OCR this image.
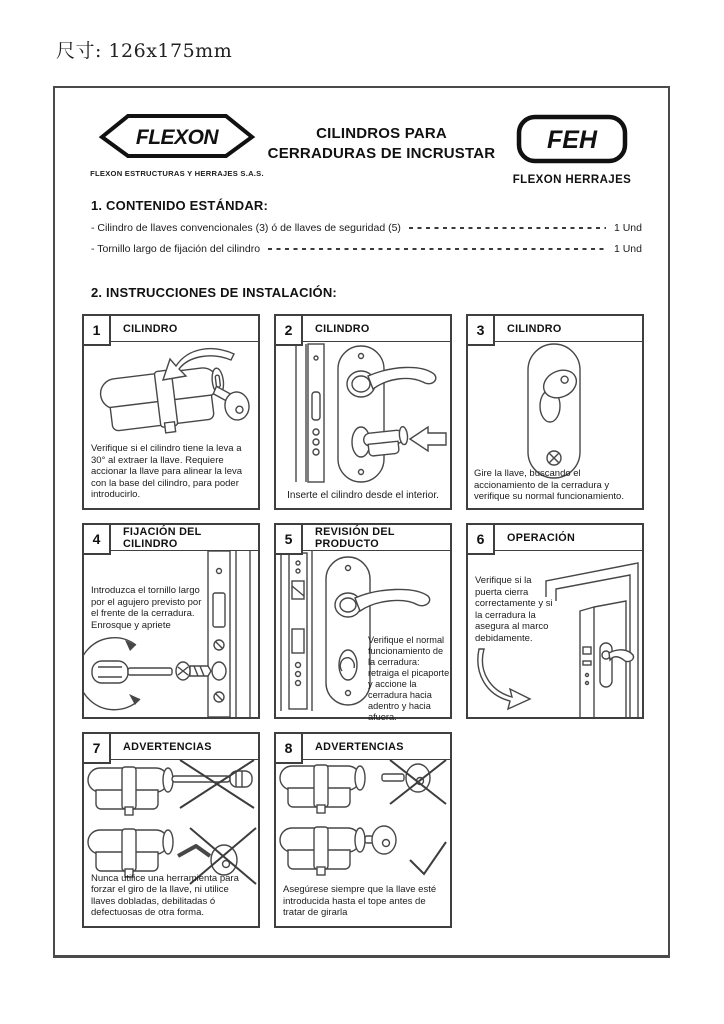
尺寸: 126x175mm
FLEXON
FLEXON ESTRUCTURAS Y HERRAJES S.A.S.
CILINDROS PARA
CERRADURAS DE INCRUSTAR FEH
FLEXON HERRAJES
1. CONTENIDO ESTÁNDAR:
- Cilindro de llaves convencionales (3) ó de llaves de seguridad (5)	1 Und
- Tornillo largo de fijación del cilindro	1 Und
2. INSTRUCCIONES DE INSTALACIÓN:
1	CILINDRO
Verifique si el cilindro tiene la leva a 30° al extraer la llave. Requiere accionar la llave para alinear la leva con la base del cilindro, para poder introducirlo.
2	CILINDRO
Inserte el cilindro desde el interior.
3	CILINDRO
Gire la llave, buscando el accionamiento de la cerradura y verifique su normal funcionamiento.
4	FIJACIÓN DEL CILINDRO
Introduzca el tornillo largo por el agujero previsto por el frente de la cerradura. Enrosque y apriete
5	REVISIÓN DEL PRODUCTO
Verifique el normal funcionamiento de la cerradura: retraiga el picaporte y accione la cerradura hacia adentro y hacia afuera.
6	OPERACIÓN
Verifique si la puerta cierra correctamente y si la cerradura la asegura al marco debidamente.
7	ADVERTENCIAS
Nunca utilice una herramienta para forzar el giro de la llave, ni utilice llaves dobladas, debilitadas ó defectuosas de otra forma.
8	ADVERTENCIAS
Asegúrese siempre que la llave esté introducida hasta el tope antes de tratar de girarla
